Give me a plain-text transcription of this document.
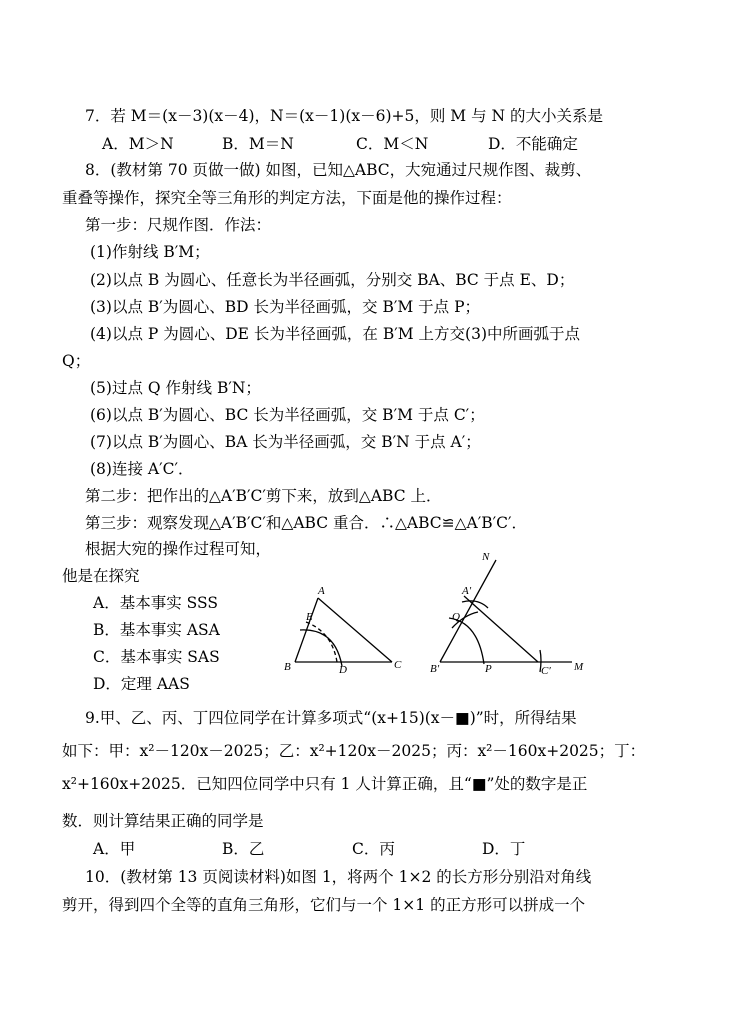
7．若 M＝(x－3)(x－4)，N＝(x－1)(x－6)+5，则 M 与 N 的大小关系是
A．M＞N	B．M＝N	C．M＜N	D．不能确定
8．(教材第 70 页做一做) 如图，已知△ABC，大宛通过尺规作图、裁剪、
重叠等操作，探究全等三角形的判定方法，下面是他的操作过程：
第一步：尺规作图．作法：
(1)作射线 B′M；
(2)以点 B 为圆心、任意长为半径画弧，分别交 BA、BC 于点 E、D；
(3)以点 B′为圆心、BD 长为半径画弧，交 B′M 于点 P；
(4)以点 P 为圆心、DE 长为半径画弧，在 B′M 上方交(3)中所画弧于点
Q；
(5)过点 Q 作射线 B′N；
(6)以点 B′为圆心、BC 长为半径画弧，交 B′M 于点 C′；
(7)以点 B′为圆心、BA 长为半径画弧，交 B′N 于点 A′；
(8)连接 A′C′．
第二步：把作出的△A′B′C′剪下来，放到△ABC 上．
第三步：观察发现△A′B′C′和△ABC 重合．∴△ABC≌△A′B′C′．
根据大宛的操作过程可知，
他是在探究
A．基本事实 SSS
B．基本事实 ASA
C．基本事实 SAS
D．定理 AAS
A
E
B	D	C
N
A′
Q
B′	P	C′ M
9.甲、乙、丙、丁四位同学在计算多项式“(x+15)(x－■)”时，所得结果
如下：甲：x²－120x－2025；乙：x²+120x－2025；丙：x²－160x+2025；丁：
x²+160x+2025．已知四位同学中只有 1 人计算正确，且“■”处的数字是正
数．则计算结果正确的同学是
A．甲	B．乙	C．丙	D．丁
10．(教材第 13 页阅读材料)如图 1，将两个 1×2 的长方形分别沿对角线
剪开，得到四个全等的直角三角形，它们与一个 1×1 的正方形可以拼成一个
